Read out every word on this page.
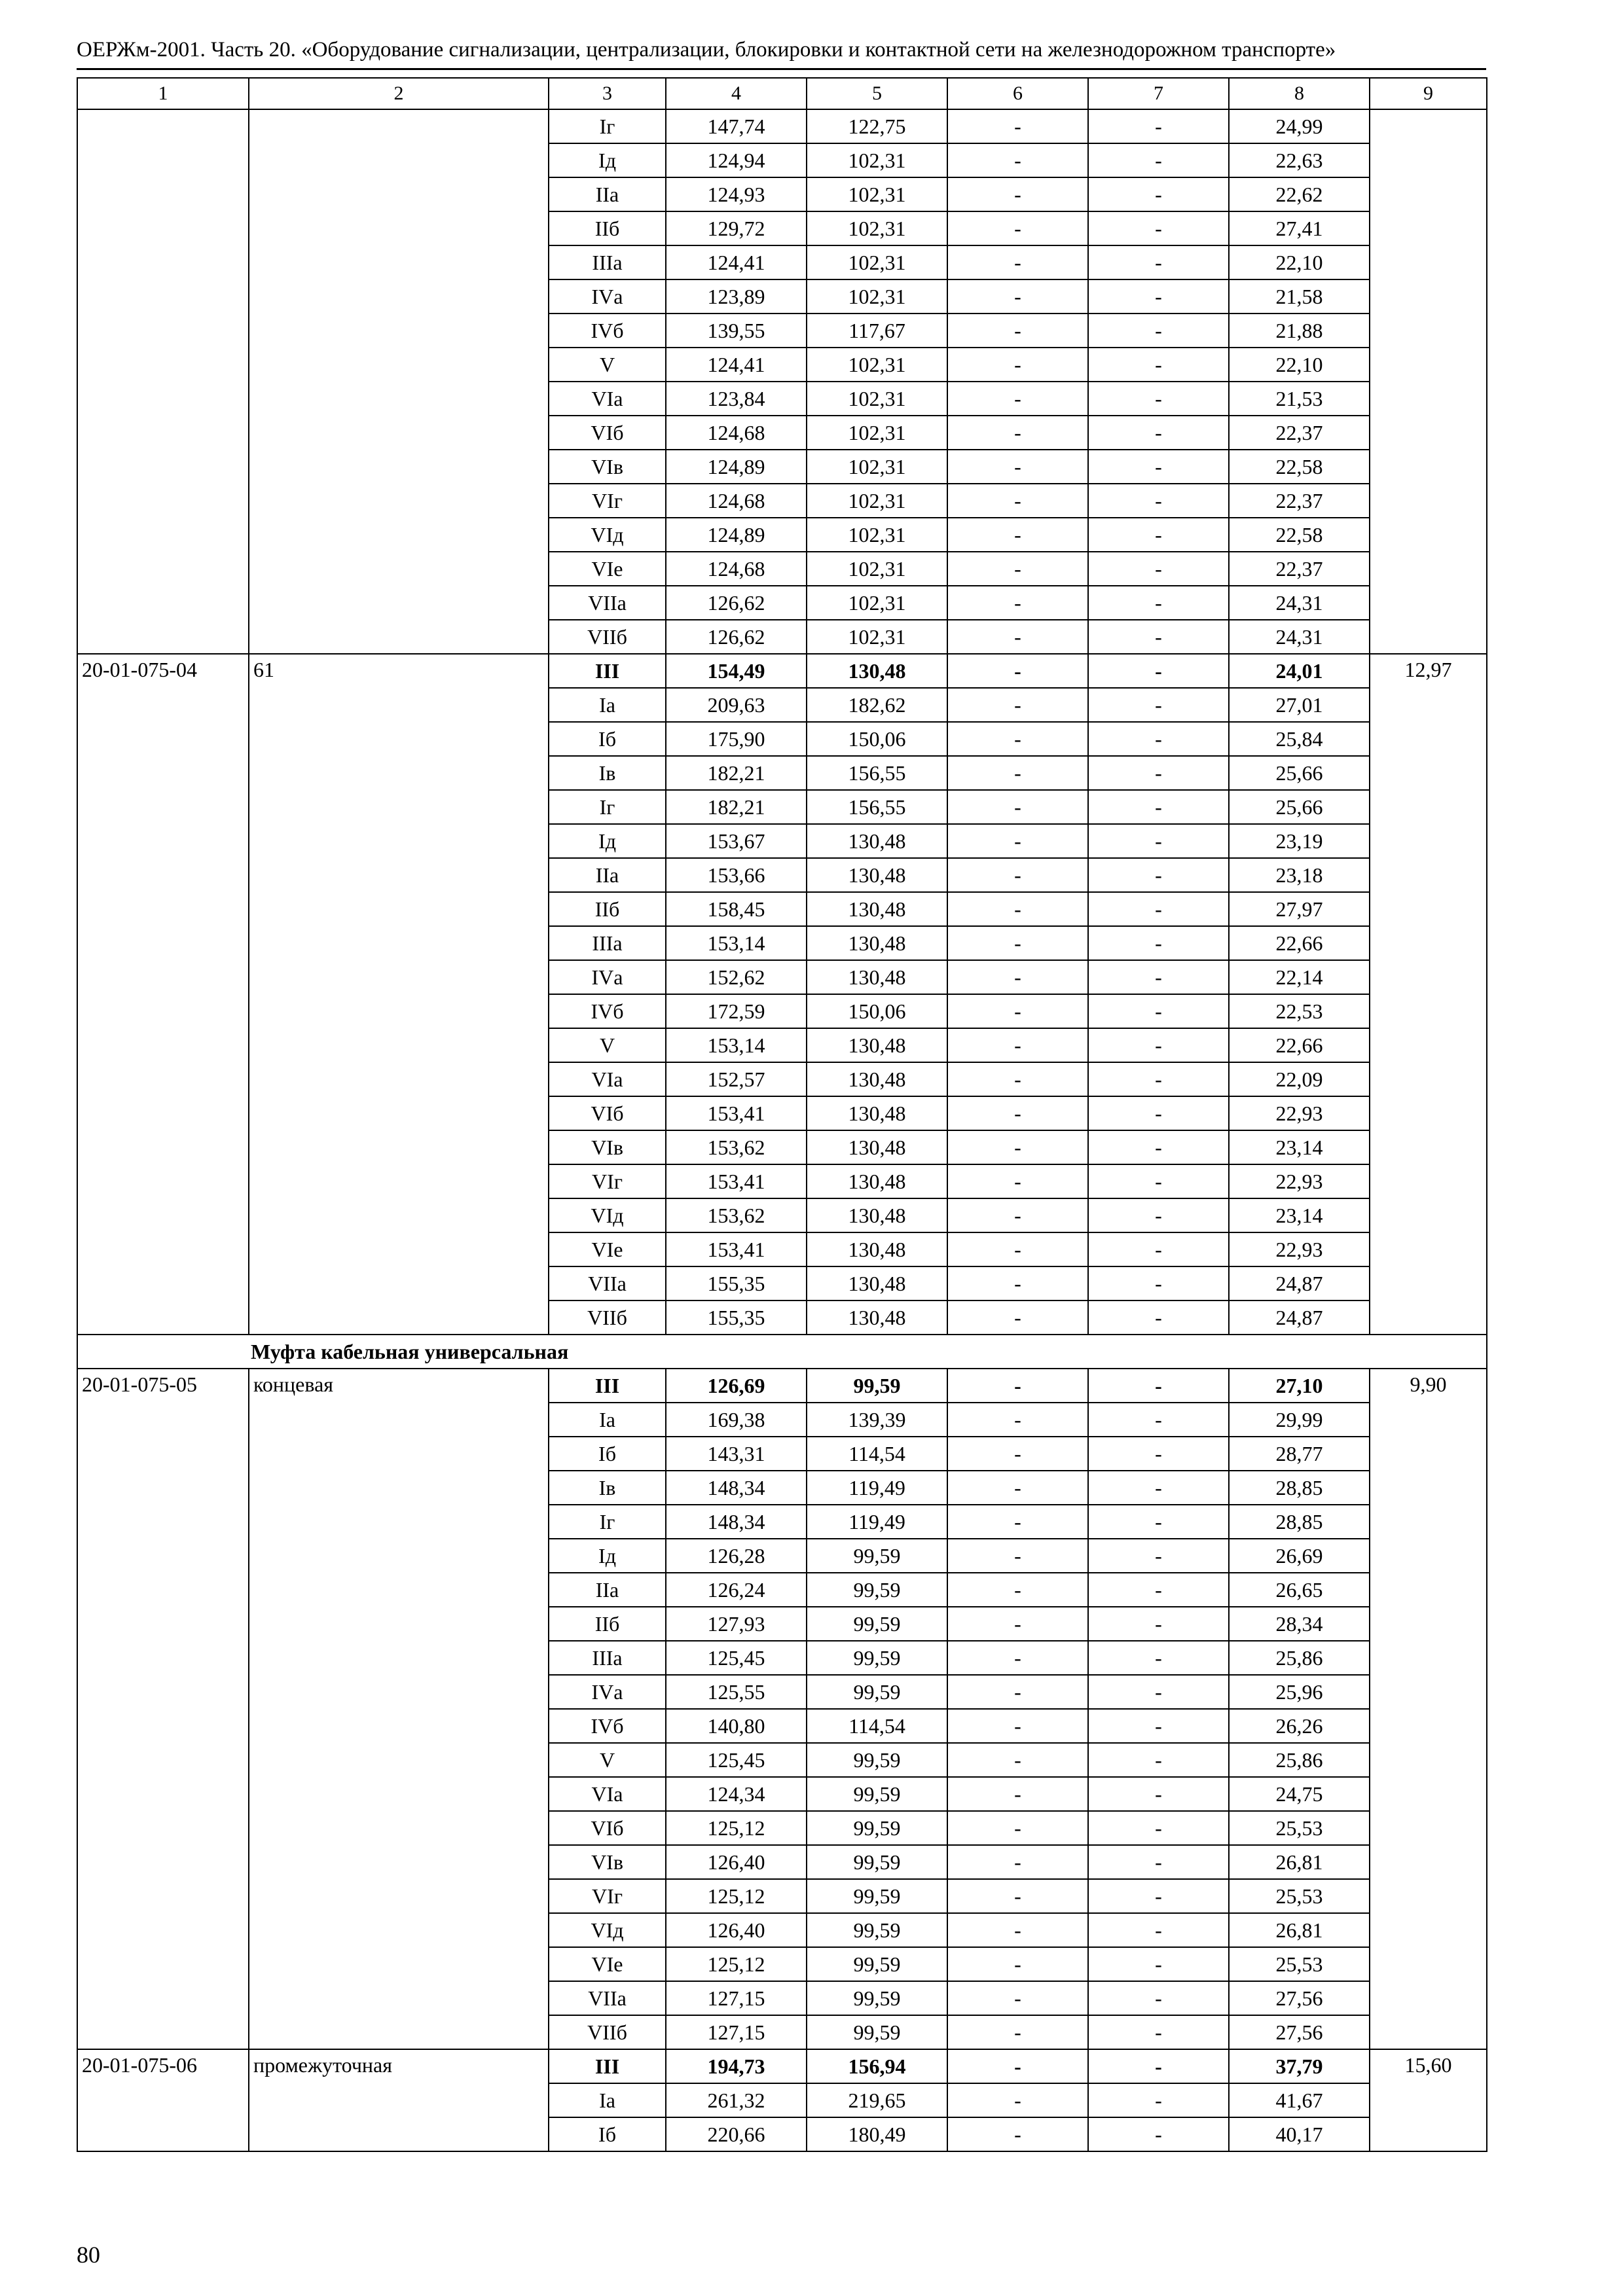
ОЕРЖм-2001. Часть 20. «Оборудование сигнализации, централизации, блокировки и контактной сети на железнодорожном транспорте»
1	2	3	4	5	6	7	8	9
		Iг	147,74	122,75	-	-	24,99	
		Iд	124,94	102,31	-	-	22,63	
		IIа	124,93	102,31	-	-	22,62	
		IIб	129,72	102,31	-	-	27,41	
		IIIа	124,41	102,31	-	-	22,10	
		IVа	123,89	102,31	-	-	21,58	
		IVб	139,55	117,67	-	-	21,88	
		V	124,41	102,31	-	-	22,10	
		VIа	123,84	102,31	-	-	21,53	
		VIб	124,68	102,31	-	-	22,37	
		VIв	124,89	102,31	-	-	22,58	
		VIг	124,68	102,31	-	-	22,37	
		VIд	124,89	102,31	-	-	22,58	
		VIе	124,68	102,31	-	-	22,37	
		VIIа	126,62	102,31	-	-	24,31	
		VIIб	126,62	102,31	-	-	24,31	
20-01-075-04	61	III	154,49	130,48	-	-	24,01	12,97
		Iа	209,63	182,62	-	-	27,01	
		Iб	175,90	150,06	-	-	25,84	
		Iв	182,21	156,55	-	-	25,66	
		Iг	182,21	156,55	-	-	25,66	
		Iд	153,67	130,48	-	-	23,19	
		IIа	153,66	130,48	-	-	23,18	
		IIб	158,45	130,48	-	-	27,97	
		IIIа	153,14	130,48	-	-	22,66	
		IVа	152,62	130,48	-	-	22,14	
		IVб	172,59	150,06	-	-	22,53	
		V	153,14	130,48	-	-	22,66	
		VIа	152,57	130,48	-	-	22,09	
		VIб	153,41	130,48	-	-	22,93	
		VIв	153,62	130,48	-	-	23,14	
		VIг	153,41	130,48	-	-	22,93	
		VIд	153,62	130,48	-	-	23,14	
		VIе	153,41	130,48	-	-	22,93	
		VIIа	155,35	130,48	-	-	24,87	
		VIIб	155,35	130,48	-	-	24,87	
Муфта кабельная универсальная								
20-01-075-05	концевая	III	126,69	99,59	-	-	27,10	9,90
		Iа	169,38	139,39	-	-	29,99	
		Iб	143,31	114,54	-	-	28,77	
		Iв	148,34	119,49	-	-	28,85	
		Iг	148,34	119,49	-	-	28,85	
		Iд	126,28	99,59	-	-	26,69	
		IIа	126,24	99,59	-	-	26,65	
		IIб	127,93	99,59	-	-	28,34	
		IIIа	125,45	99,59	-	-	25,86	
		IVа	125,55	99,59	-	-	25,96	
		IVб	140,80	114,54	-	-	26,26	
		V	125,45	99,59	-	-	25,86	
		VIа	124,34	99,59	-	-	24,75	
		VIб	125,12	99,59	-	-	25,53	
		VIв	126,40	99,59	-	-	26,81	
		VIг	125,12	99,59	-	-	25,53	
		VIд	126,40	99,59	-	-	26,81	
		VIе	125,12	99,59	-	-	25,53	
		VIIа	127,15	99,59	-	-	27,56	
		VIIб	127,15	99,59	-	-	27,56	
20-01-075-06	промежуточная	III	194,73	156,94	-	-	37,79	15,60
		Iа	261,32	219,65	-	-	41,67	
		Iб	220,66	180,49	-	-	40,17	
80
